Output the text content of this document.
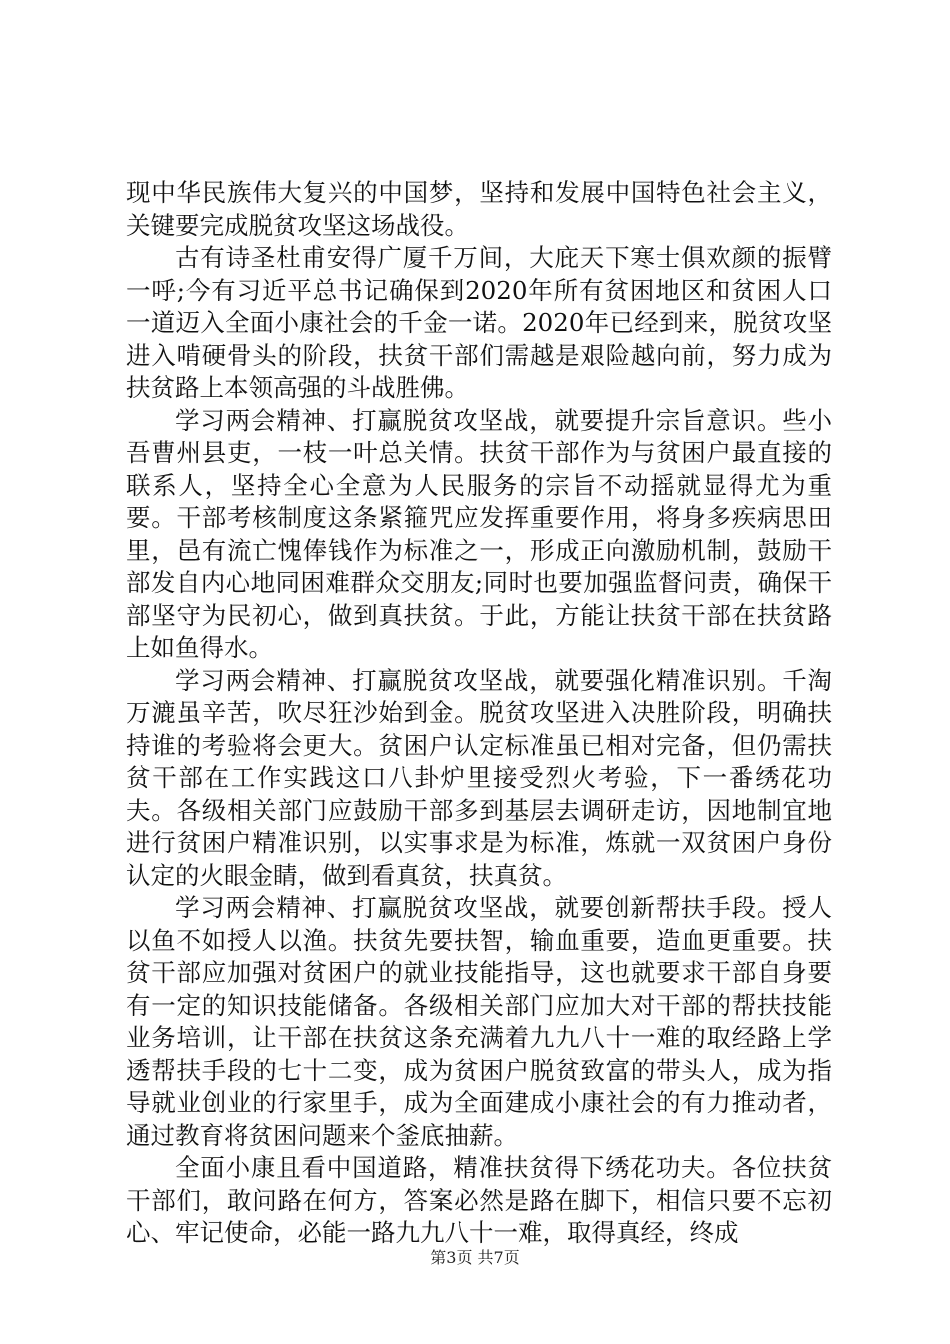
现中华民族伟大复兴的中国梦，坚持和发展中国特色社会主义，关键要完成脱贫攻坚这场战役。

古有诗圣杜甫安得广厦千万间，大庇天下寒士俱欢颜的振臂一呼;今有习近平总书记确保到2020年所有贫困地区和贫困人口一道迈入全面小康社会的千金一诺。2020年已经到来，脱贫攻坚进入啃硬骨头的阶段，扶贫干部们需越是艰险越向前，努力成为扶贫路上本领高强的斗战胜佛。

学习两会精神、打赢脱贫攻坚战，就要提升宗旨意识。些小吾曹州县吏，一枝一叶总关情。扶贫干部作为与贫困户最直接的联系人，坚持全心全意为人民服务的宗旨不动摇就显得尤为重要。干部考核制度这条紧箍咒应发挥重要作用，将身多疾病思田里，邑有流亡愧俸钱作为标准之一，形成正向激励机制，鼓励干部发自内心地同困难群众交朋友;同时也要加强监督问责，确保干部坚守为民初心，做到真扶贫。于此，方能让扶贫干部在扶贫路上如鱼得水。

学习两会精神、打赢脱贫攻坚战，就要强化精准识别。千淘万漉虽辛苦，吹尽狂沙始到金。脱贫攻坚进入决胜阶段，明确扶持谁的考验将会更大。贫困户认定标准虽已相对完备，但仍需扶贫干部在工作实践这口八卦炉里接受烈火考验，下一番绣花功夫。各级相关部门应鼓励干部多到基层去调研走访，因地制宜地进行贫困户精准识别，以实事求是为标准，炼就一双贫困户身份认定的火眼金睛，做到看真贫，扶真贫。

学习两会精神、打赢脱贫攻坚战，就要创新帮扶手段。授人以鱼不如授人以渔。扶贫先要扶智，输血重要，造血更重要。扶贫干部应加强对贫困户的就业技能指导，这也就要求干部自身要有一定的知识技能储备。各级相关部门应加大对干部的帮扶技能业务培训，让干部在扶贫这条充满着九九八十一难的取经路上学透帮扶手段的七十二变，成为贫困户脱贫致富的带头人，成为指导就业创业的行家里手，成为全面建成小康社会的有力推动者，通过教育将贫困问题来个釜底抽薪。

全面小康且看中国道路，精准扶贫得下绣花功夫。各位扶贫干部们，敢问路在何方，答案必然是路在脚下，相信只要不忘初心、牢记使命，必能一路九九八十一难，取得真经，终成

第3页 共7页
